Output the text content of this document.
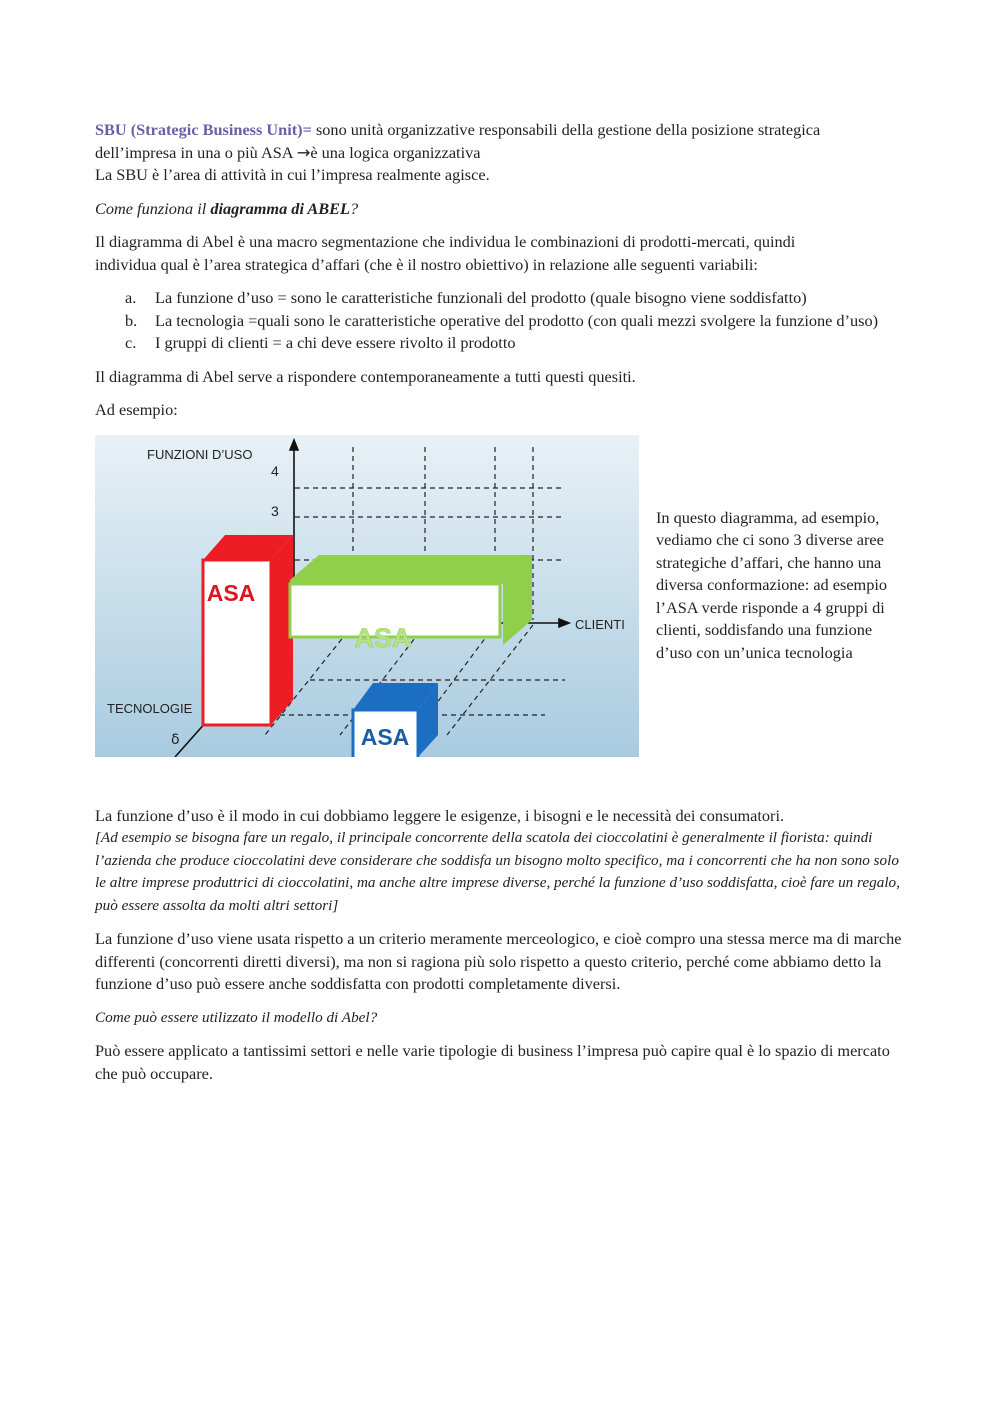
SBU (Strategic Business Unit)= sono unità organizzative responsabili della gestione della posizione strategica
dell’impresa in una o più ASA →è una logica organizzativa
La SBU è l’area di attività in cui l’impresa realmente agisce.

Come funziona il diagramma di ABEL?

Il diagramma di Abel è una macro segmentazione che individua le combinazioni di prodotti-mercati, quindi
individua qual è l’area strategica d’affari (che è il nostro obiettivo) in relazione alle seguenti variabili:

a. La funzione d’uso = sono le caratteristiche funzionali del prodotto (quale bisogno viene soddisfatto)
b. La tecnologia =quali sono le caratteristiche operative del prodotto (con quali mezzi svolgere la funzione d’uso)
c. I gruppi di clienti = a chi deve essere rivolto il prodotto

Il diagramma di Abel serve a rispondere contemporaneamente a tutti questi quesiti.

Ad esempio:

ASA
ASA
ASA
FUNZIONI D’USO
4
3
CLIENTI
TECNOLOGIE
δ

In questo diagramma, ad esempio, vediamo che ci sono 3 diverse aree strategiche d’affari, che hanno una diversa conformazione: ad esempio l’ASA verde risponde a 4 gruppi di clienti, soddisfando una funzione d’uso con un’unica tecnologia

La funzione d’uso è il modo in cui dobbiamo leggere le esigenze, i bisogni e le necessità dei consumatori.

[Ad esempio se bisogna fare un regalo, il principale concorrente della scatola dei cioccolatini è generalmente il fiorista: quindi l’azienda che produce cioccolatini deve considerare che soddisfa un bisogno molto specifico, ma i concorrenti che ha non sono solo le altre imprese produttrici di cioccolatini, ma anche altre imprese diverse, perché la funzione d’uso soddisfatta, cioè fare un regalo, può essere assolta da molti altri settori]

La funzione d’uso viene usata rispetto a un criterio meramente merceologico, e cioè compro una stessa merce ma di marche differenti (concorrenti diretti diversi), ma non si ragiona più solo rispetto a questo criterio, perché come abbiamo detto la funzione d’uso può essere anche soddisfatta con prodotti completamente diversi.

Come può essere utilizzato il modello di Abel?

Può essere applicato a tantissimi settori e nelle varie tipologie di business l’impresa può capire qual è lo spazio di mercato che può occupare.
